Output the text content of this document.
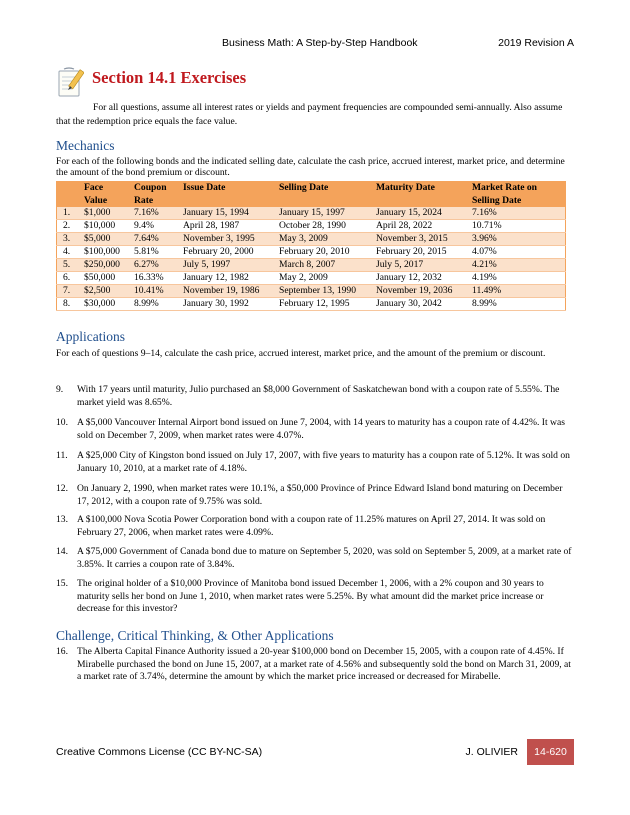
Business Math: A Step-by-Step Handbook	2019 Revision A
Section 14.1 Exercises
For all questions, assume all interest rates or yields and payment frequencies are compounded semi-annually. Also assume that the redemption price equals the face value.
Mechanics
For each of the following bonds and the indicated selling date, calculate the cash price, accrued interest, market price, and determine the amount of the bond premium or discount.
	Face Value	Coupon Rate	Issue Date	Selling Date	Maturity Date	Market Rate on Selling Date
1.	$1,000	7.16%	January 15, 1994	January 15, 1997	January 15, 2024	7.16%
2.	$10,000	9.4%	April 28, 1987	October 28, 1990	April 28, 2022	10.71%
3.	$5,000	7.64%	November 3, 1995	May 3, 2009	November 3, 2015	3.96%
4.	$100,000	5.81%	February 20, 2000	February 20, 2010	February 20, 2015	4.07%
5.	$250,000	6.27%	July 5, 1997	March 8, 2007	July 5, 2017	4.21%
6.	$50,000	16.33%	January 12, 1982	May 2, 2009	January 12, 2032	4.19%
7.	$2,500	10.41%	November 19, 1986	September 13, 1990	November 19, 2036	11.49%
8.	$30,000	8.99%	January 30, 1992	February 12, 1995	January 30, 2042	8.99%
Applications
For each of questions 9–14, calculate the cash price, accrued interest, market price, and the amount of the premium or discount.
9.	With 17 years until maturity, Julio purchased an $8,000 Government of Saskatchewan bond with a coupon rate of 5.55%. The market yield was 8.65%.
10. A $5,000 Vancouver Internal Airport bond issued on June 7, 2004, with 14 years to maturity has a coupon rate of 4.42%. It was sold on December 7, 2009, when market rates were 4.07%.
11. A $25,000 City of Kingston bond issued on July 17, 2007, with five years to maturity has a coupon rate of 5.12%. It was sold on January 10, 2010, at a market rate of 4.18%.
12. On January 2, 1990, when market rates were 10.1%, a $50,000 Province of Prince Edward Island bond maturing on December 17, 2012, with a coupon rate of 9.75% was sold.
13. A $100,000 Nova Scotia Power Corporation bond with a coupon rate of 11.25% matures on April 27, 2014. It was sold on February 27, 2006, when market rates were 4.09%.
14. A $75,000 Government of Canada bond due to mature on September 5, 2020, was sold on September 5, 2009, at a market rate of 3.85%. It carries a coupon rate of 3.84%.
15. The original holder of a $10,000 Province of Manitoba bond issued December 1, 2006, with a 2% coupon and 30 years to maturity sells her bond on June 1, 2010, when market rates were 5.25%. By what amount did the market price increase or decrease for this investor?
Challenge, Critical Thinking, & Other Applications
16. The Alberta Capital Finance Authority issued a 20-year $100,000 bond on December 15, 2005, with a coupon rate of 4.45%. If Mirabelle purchased the bond on June 15, 2007, at a market rate of 4.56% and subsequently sold the bond on March 31, 2009, at a market rate of 3.74%, determine the amount by which the market price increased or decreased for Mirabelle.
Creative Commons License (CC BY-NC-SA)	J. OLIVIER	14-620
